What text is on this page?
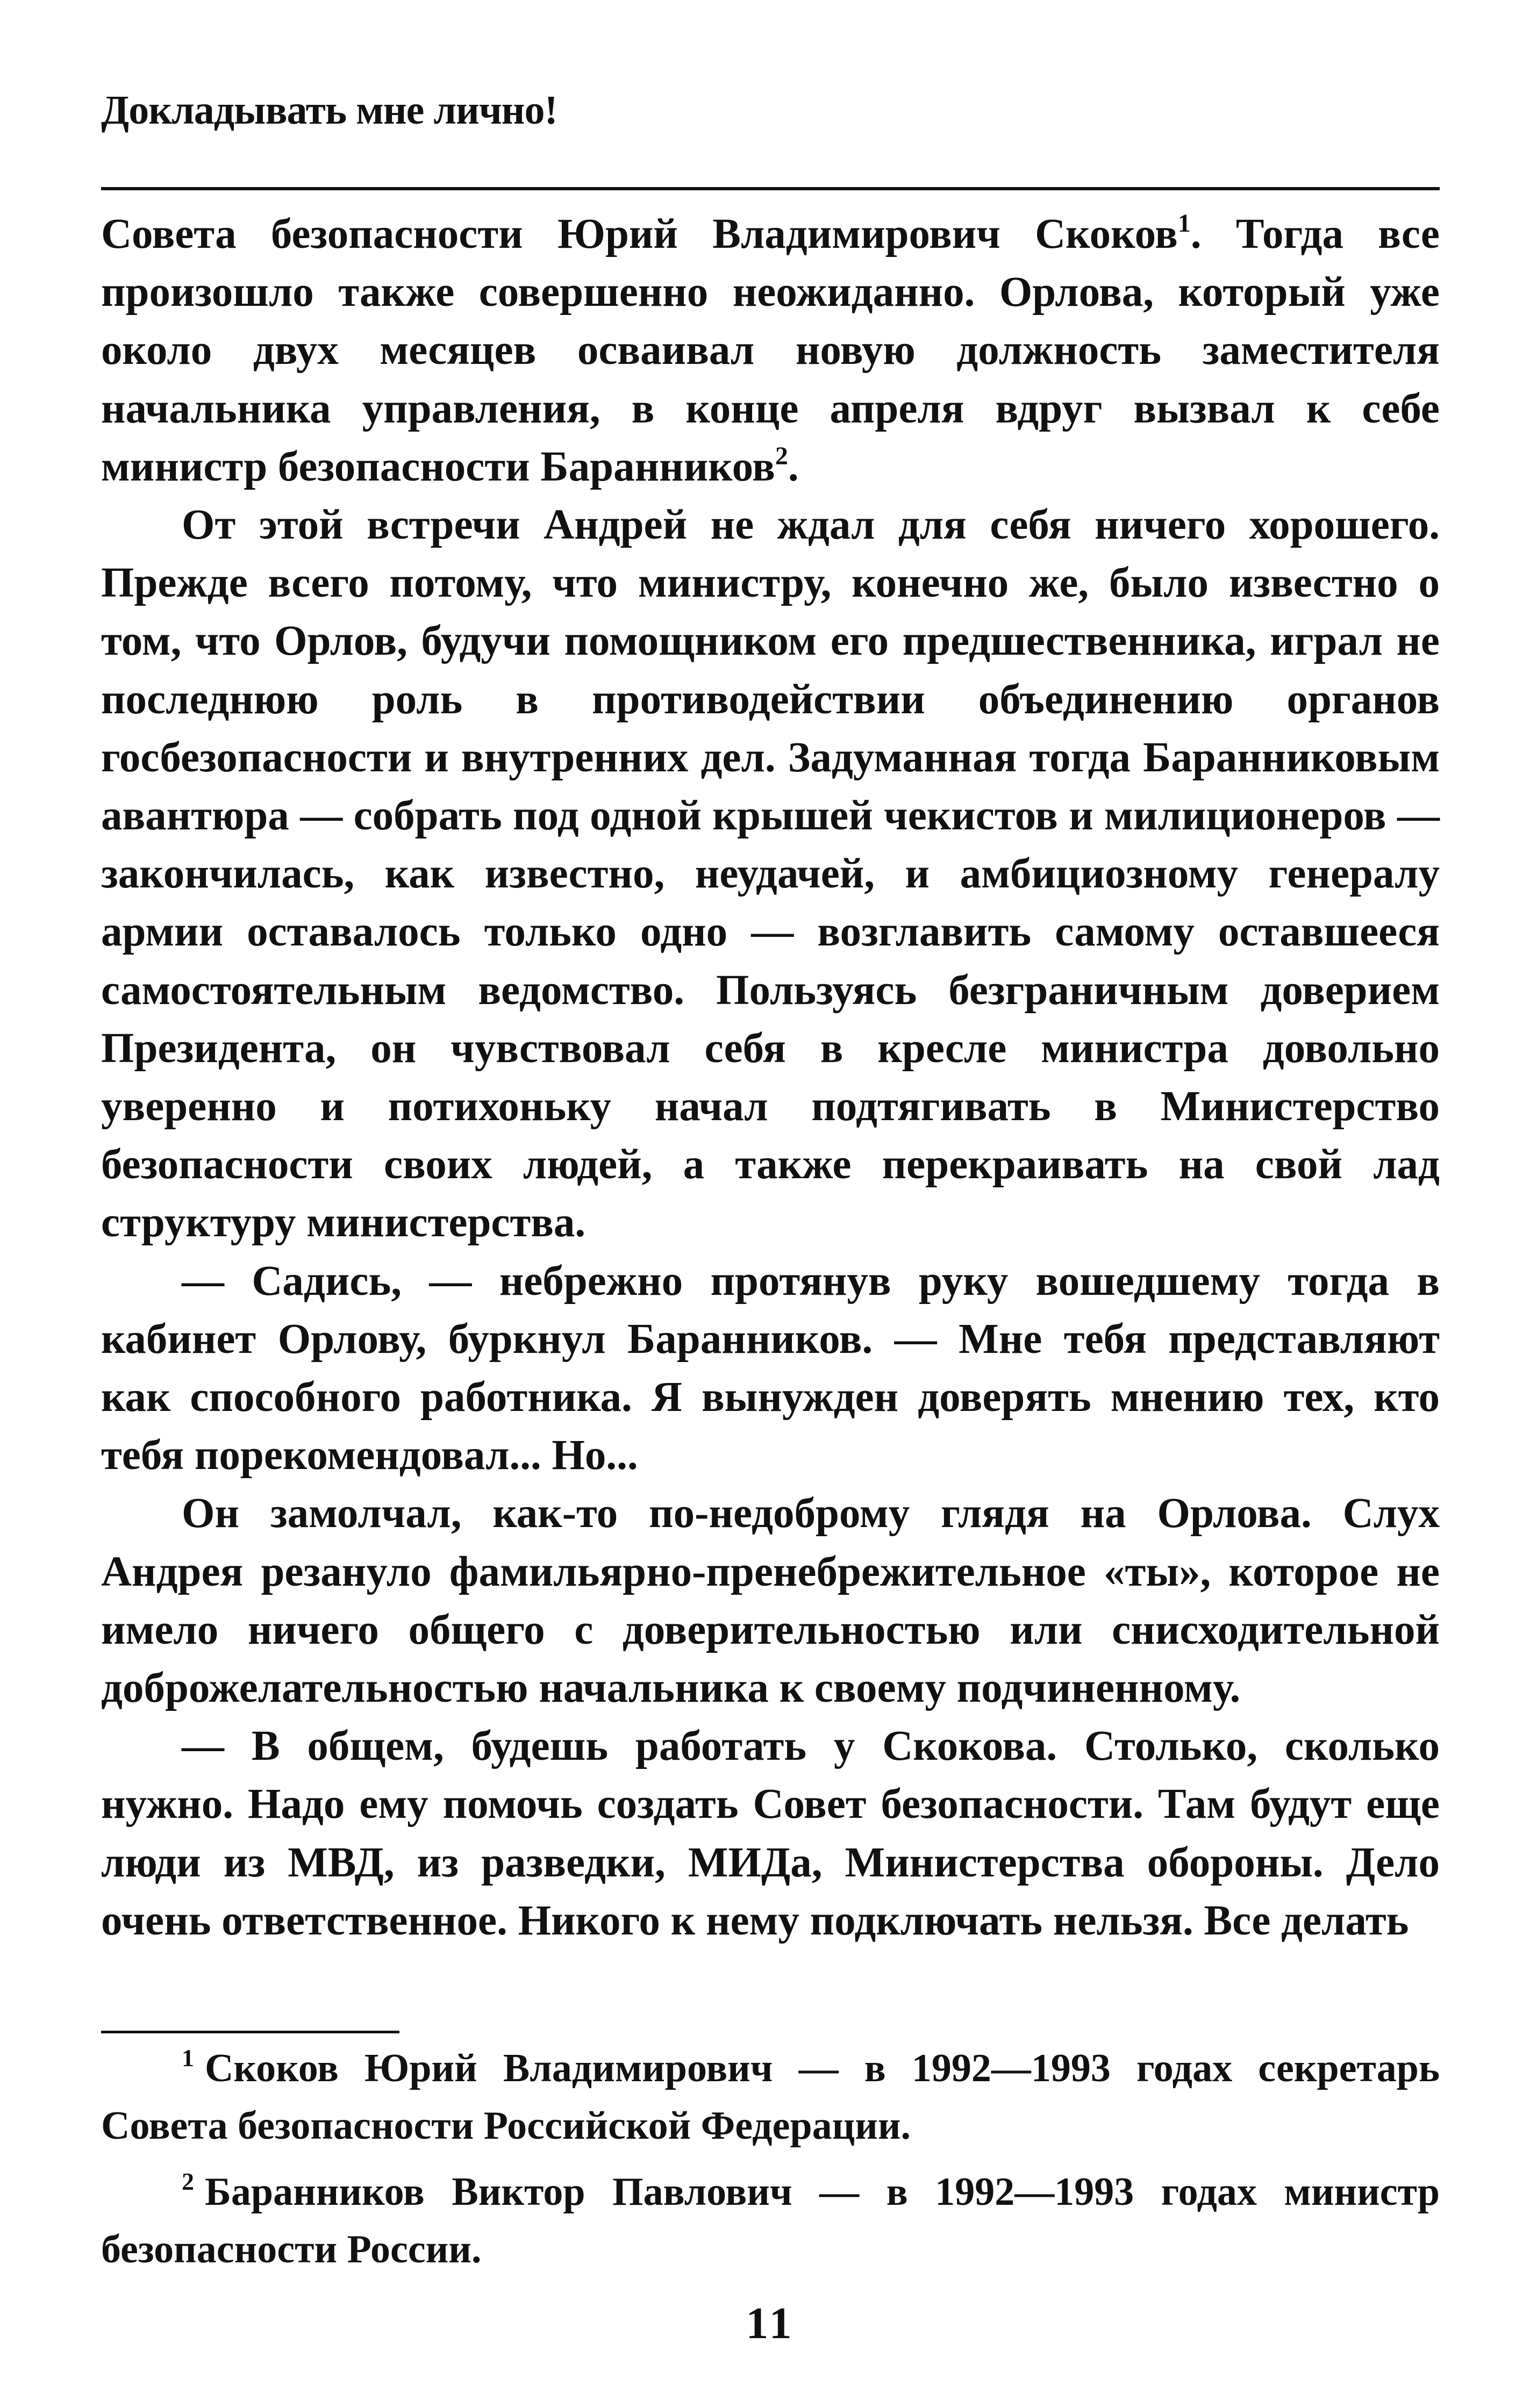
Докладывать мне лично!

Совета безопасности Юрий Владимирович Скоков$^1$. Тогда все произошло также совершенно неожиданно. Орлова, который уже около двух месяцев осваивал новую должность заместителя начальника управления, в конце апреля вдруг вызвал к себе министр безопасности Баранников$^2$.

От этой встречи Андрей не ждал для себя ничего хорошего. Прежде всего потому, что министру, конечно же, было известно о том, что Орлов, будучи помощником его предшественника, играл не последнюю роль в противодействии объединению органов госбезопасности и внутренних дел. Задуманная тогда Баранниковым авантюра — собрать под одной крышей чекистов и милиционеров — закончилась, как известно, неудачей, и амбициозному генералу армии оставалось только одно — возглавить самому оставшееся самостоятельным ведомство. Пользуясь безграничным доверием Президента, он чувствовал себя в кресле министра довольно уверенно и потихоньку начал подтягивать в Министерство безопасности своих людей, а также перекраивать на свой лад структуру министерства.

— Садись, — небрежно протянув руку вошедшему тогда в кабинет Орлову, буркнул Баранников. — Мне тебя представляют как способного работника. Я вынужден доверять мнению тех, кто тебя порекомендовал... Но...

Он замолчал, как-то по-недоброму глядя на Орлова. Слух Андрея резануло фамильярно-пренебрежительное «ты», которое не имело ничего общего с доверительностью или снисходительной доброжелательностью начальника к своему подчиненному.

— В общем, будешь работать у Скокова. Столько, сколько нужно. Надо ему помочь создать Совет безопасности. Там будут еще люди из МВД, из разведки, МИДа, Министерства обороны. Дело очень ответственное. Никого к нему подключать нельзя. Все делать

$^1$ Скоков Юрий Владимирович — в 1992—1993 годах секретарь Совета безопасности Российской Федерации.

$^2$ Баранников Виктор Павлович — в 1992—1993 годах министр безопасности России.

11
